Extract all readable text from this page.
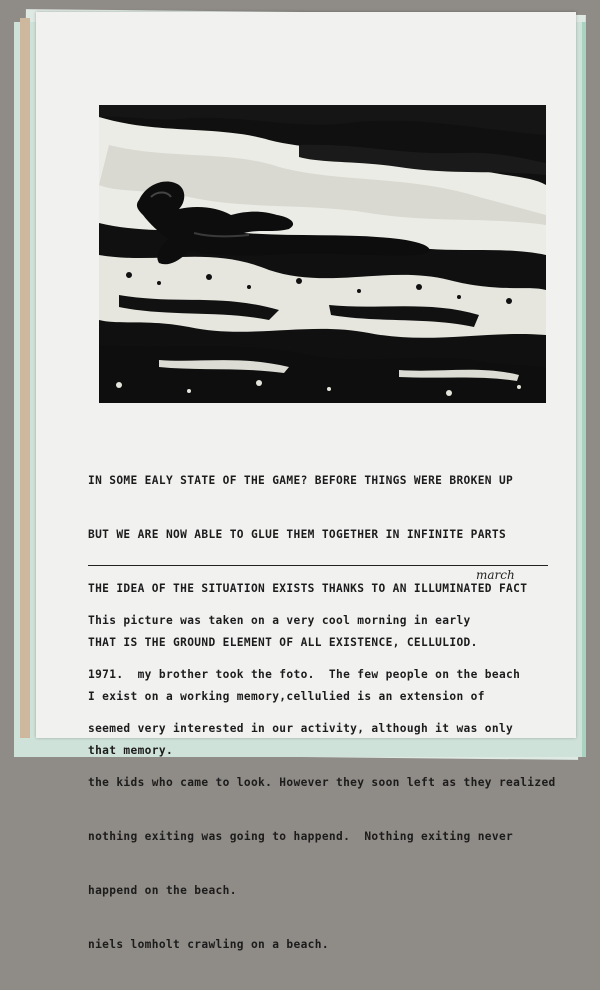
IN SOME EALY STATE OF THE GAME? BEFORE THINGS WERE BROKEN UP

BUT WE ARE NOW ABLE TO GLUE THEM TOGETHER IN INFINITE PARTS

THE IDEA OF THE SITUATION EXISTS THANKS TO AN ILLUMINATED FACT

THAT IS THE GROUND ELEMENT OF ALL EXISTENCE, CELLULIOD.

I exist on a working memory,cellulied is an extension of

that memory.

This picture was taken on a very cool morning in early

1971.  my brother took the foto.  The few people on the beach

seemed very interested in our activity, although it was only

the kids who came to look. However they soon left as they realized

nothing exiting was going to happend.  Nothing exiting never

happend on the beach.

niels lomholt crawling on a beach.

march
